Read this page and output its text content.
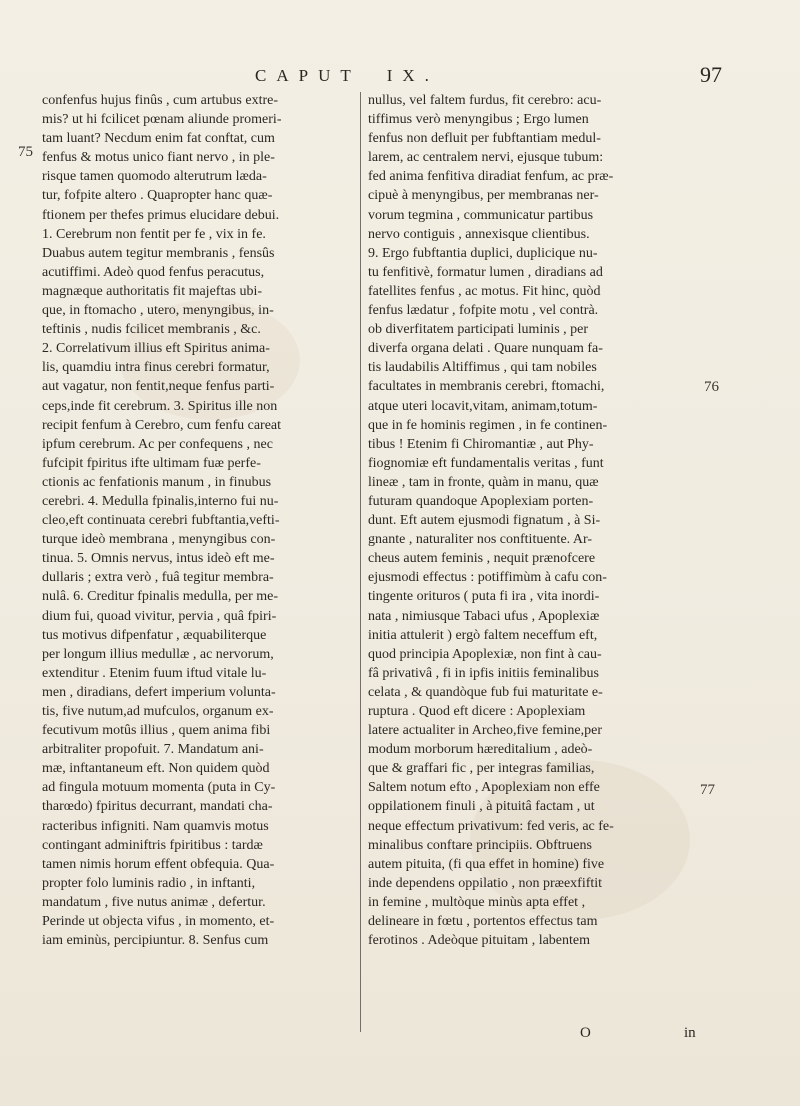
CAPUT IX.	97
75
76
77
confenfus hujus finûs , cum artubus extre-
mis? ut hi fcilicet pœnam aliunde promeri-
tam luant? Necdum enim fat conftat, cum
fenfus & motus unico fiant nervo , in ple-
risque tamen quomodo alterutrum læda-
tur, fofpite altero . Quapropter hanc quæ-
ftionem per thefes primus elucidare debui.
1. Cerebrum non fentit per fe , vix in fe.
Duabus autem tegitur membranis , fensûs
acutiffimi. Adeò quod fenfus peracutus,
magnæque authoritatis fit majeftas ubi-
que, in ftomacho , utero, menyngibus, in-
teftinis , nudis fcilicet membranis , &c.
2. Correlativum illius eft Spiritus anima-
lis, quamdiu intra finus cerebri formatur,
aut vagatur, non fentit,neque fenfus parti-
ceps,inde fit cerebrum. 3. Spiritus ille non
recipit fenfum à Cerebro, cum fenfu careat
ipfum cerebrum. Ac per confequens , nec
fufcipit fpiritus ifte ultimam fuæ perfe-
ctionis ac fenfationis manum , in finubus
cerebri. 4. Medulla fpinalis,interno fui nu-
cleo,eft continuata cerebri fubftantia,vefti-
turque ideò membrana , menyngibus con-
tinua. 5. Omnis nervus, intus ideò eft me-
dullaris ; extra verò , fuâ tegitur membra-
nulâ. 6. Creditur fpinalis medulla, per me-
dium fui, quoad vivitur, pervia , quâ fpiri-
tus motivus difpenfatur , æquabiliterque
per longum illius medullæ , ac nervorum,
extenditur . Etenim fuum iftud vitale lu-
men , diradians, defert imperium volunta-
tis, five nutum,ad mufculos, organum ex-
fecutivum motûs illius , quem anima fibi
arbitraliter propofuit. 7. Mandatum ani-
mæ, inftantaneum eft. Non quidem quòd
ad fingula motuum momenta (puta in Cy-
tharœdo) fpiritus decurrant, mandati cha-
racteribus infigniti. Nam quamvis motus
contingant adminiftris fpiritibus : tardæ
tamen nimis horum effent obfequia. Qua-
propter folo luminis radio , in inftanti,
mandatum , five nutus animæ , defertur.
Perinde ut objecta vifus , in momento, et-
iam eminùs, percipiuntur. 8. Senfus cum
nullus, vel faltem furdus, fit cerebro: acu-
tiffimus verò menyngibus ; Ergo lumen
fenfus non defluit per fubftantiam medul-
larem, ac centralem nervi, ejusque tubum:
fed anima fenfitiva diradiat fenfum, ac præ-
cipuè à menyngibus, per membranas ner-
vorum tegmina , communicatur partibus
nervo contiguis , annexisque clientibus.
9. Ergo fubftantia duplici, duplicique nu-
tu fenfitivè, formatur lumen , diradians ad
fatellites fenfus , ac motus. Fit hinc, quòd
fenfus lædatur , fofpite motu , vel contrà.
ob diverfitatem participati luminis , per
diverfa organa delati . Quare nunquam fa-
tis laudabilis Altiffimus , qui tam nobiles
facultates in membranis cerebri, ftomachi,
atque uteri locavit,vitam, animam,totum-
que in fe hominis regimen , in fe continen-
tibus ! Etenim fi Chiromantiæ , aut Phy-
fiognomiæ eft fundamentalis veritas , funt
lineæ , tam in fronte, quàm in manu, quæ
futuram quandoque Apoplexiam porten-
dunt. Eft autem ejusmodi fignatum , à Si-
gnante , naturaliter nos conftituente. Ar-
cheus autem feminis , nequit prænofcere
ejusmodi effectus : potiffimùm à cafu con-
tingente orituros ( puta fi ira , vita inordi-
nata , nimiusque Tabaci ufus , Apoplexiæ
initia attulerit ) ergò faltem neceffum eft,
quod principia Apoplexiæ, non fint à cau-
fâ privativâ , fi in ipfis initiis feminalibus
celata , & quandòque fub fui maturitate e-
ruptura . Quod eft dicere : Apoplexiam
latere actualiter in Archeo,five femine,per
modum morborum hæreditalium , adeò-
que & graffari fic , per integras familias,
Saltem notum efto , Apoplexiam non effe
oppilationem finuli , à pituitâ factam , ut
neque effectum privativum: fed veris, ac fe-
minalibus conftare principiis. Obftruens
autem pituita, (fi qua effet in homine) five
inde dependens oppilatio , non præexfiftit
in femine , multòque minùs apta effet ,
delineare in fœtu , portentos effectus tam
ferotinos . Adeòque pituitam , labentem
O	in
